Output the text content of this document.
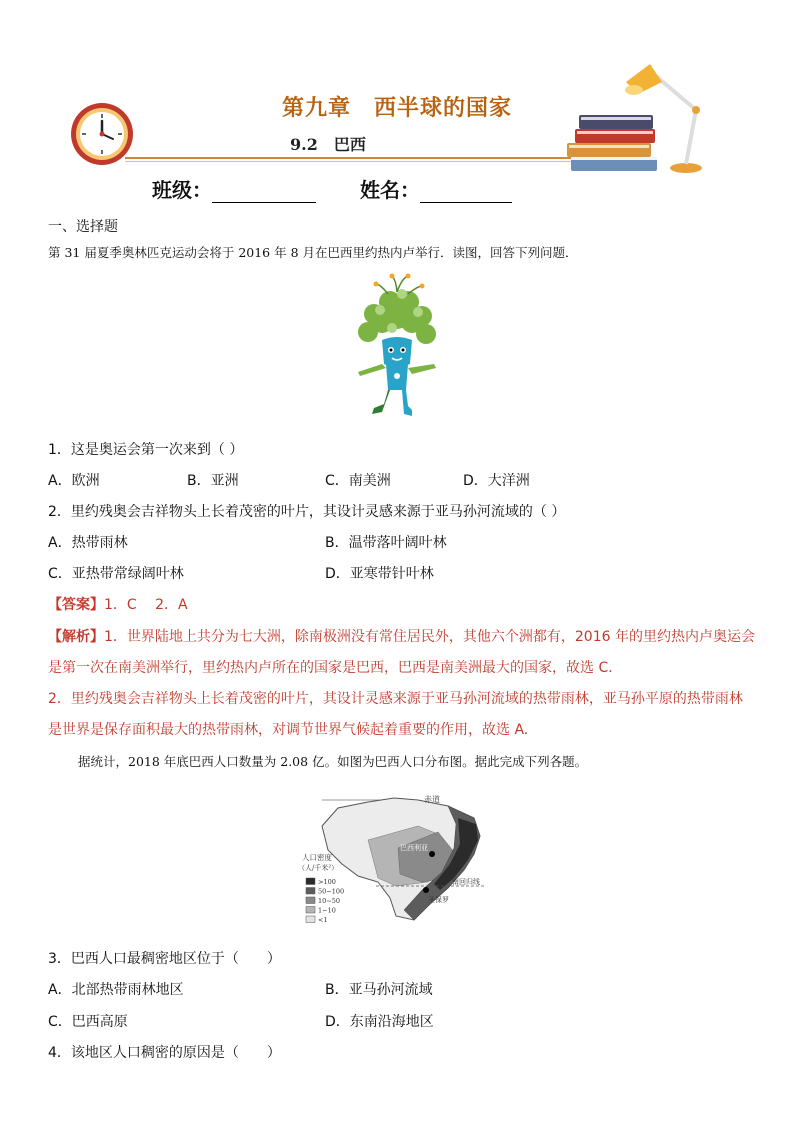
第九章　西半球的国家
9.2　巴西
班级：	姓名：
一、选择题
第 31 届夏季奥林匹克运动会将于 2016 年 8 月在巴西里约热内卢举行．读图，回答下列问题．
1．这是奥运会第一次来到（ ）
A．欧洲	B．亚洲	C．南美洲	D．大洋洲
2．里约残奥会吉祥物头上长着茂密的叶片，其设计灵感来源于亚马孙河流域的（ ）
A．热带雨林	B．温带落叶阔叶林
C．亚热带常绿阔叶林	D．亚寒带针叶林
【答案】1．C　 2．A
【解析】1．世界陆地上共分为七大洲，除南极洲没有常住居民外，其他六个洲都有，2016 年的里约热内卢奥运会
是第一次在南美洲举行，里约热内卢所在的国家是巴西，巴西是南美洲最大的国家，故选 C.
2．里约残奥会吉祥物头上长着茂密的叶片，其设计灵感来源于亚马孙河流域的热带雨林，亚马孙平原的热带雨林
是世界是保存面积最大的热带雨林，对调节世界气候起着重要的作用，故选 A.
据统计，2018 年底巴西人口数量为 2.08 亿。如图为巴西人口分布图。据此完成下列各题。
赤道
巴西利亚
南回归线
圣保罗
人口密度
（人/千米²）
>100
50~100
10~50
1~10
<1
3．巴西人口最稠密地区位于（　　）
A．北部热带雨林地区	B．亚马孙河流域
C．巴西高原	D．东南沿海地区
4．该地区人口稠密的原因是（　　）
